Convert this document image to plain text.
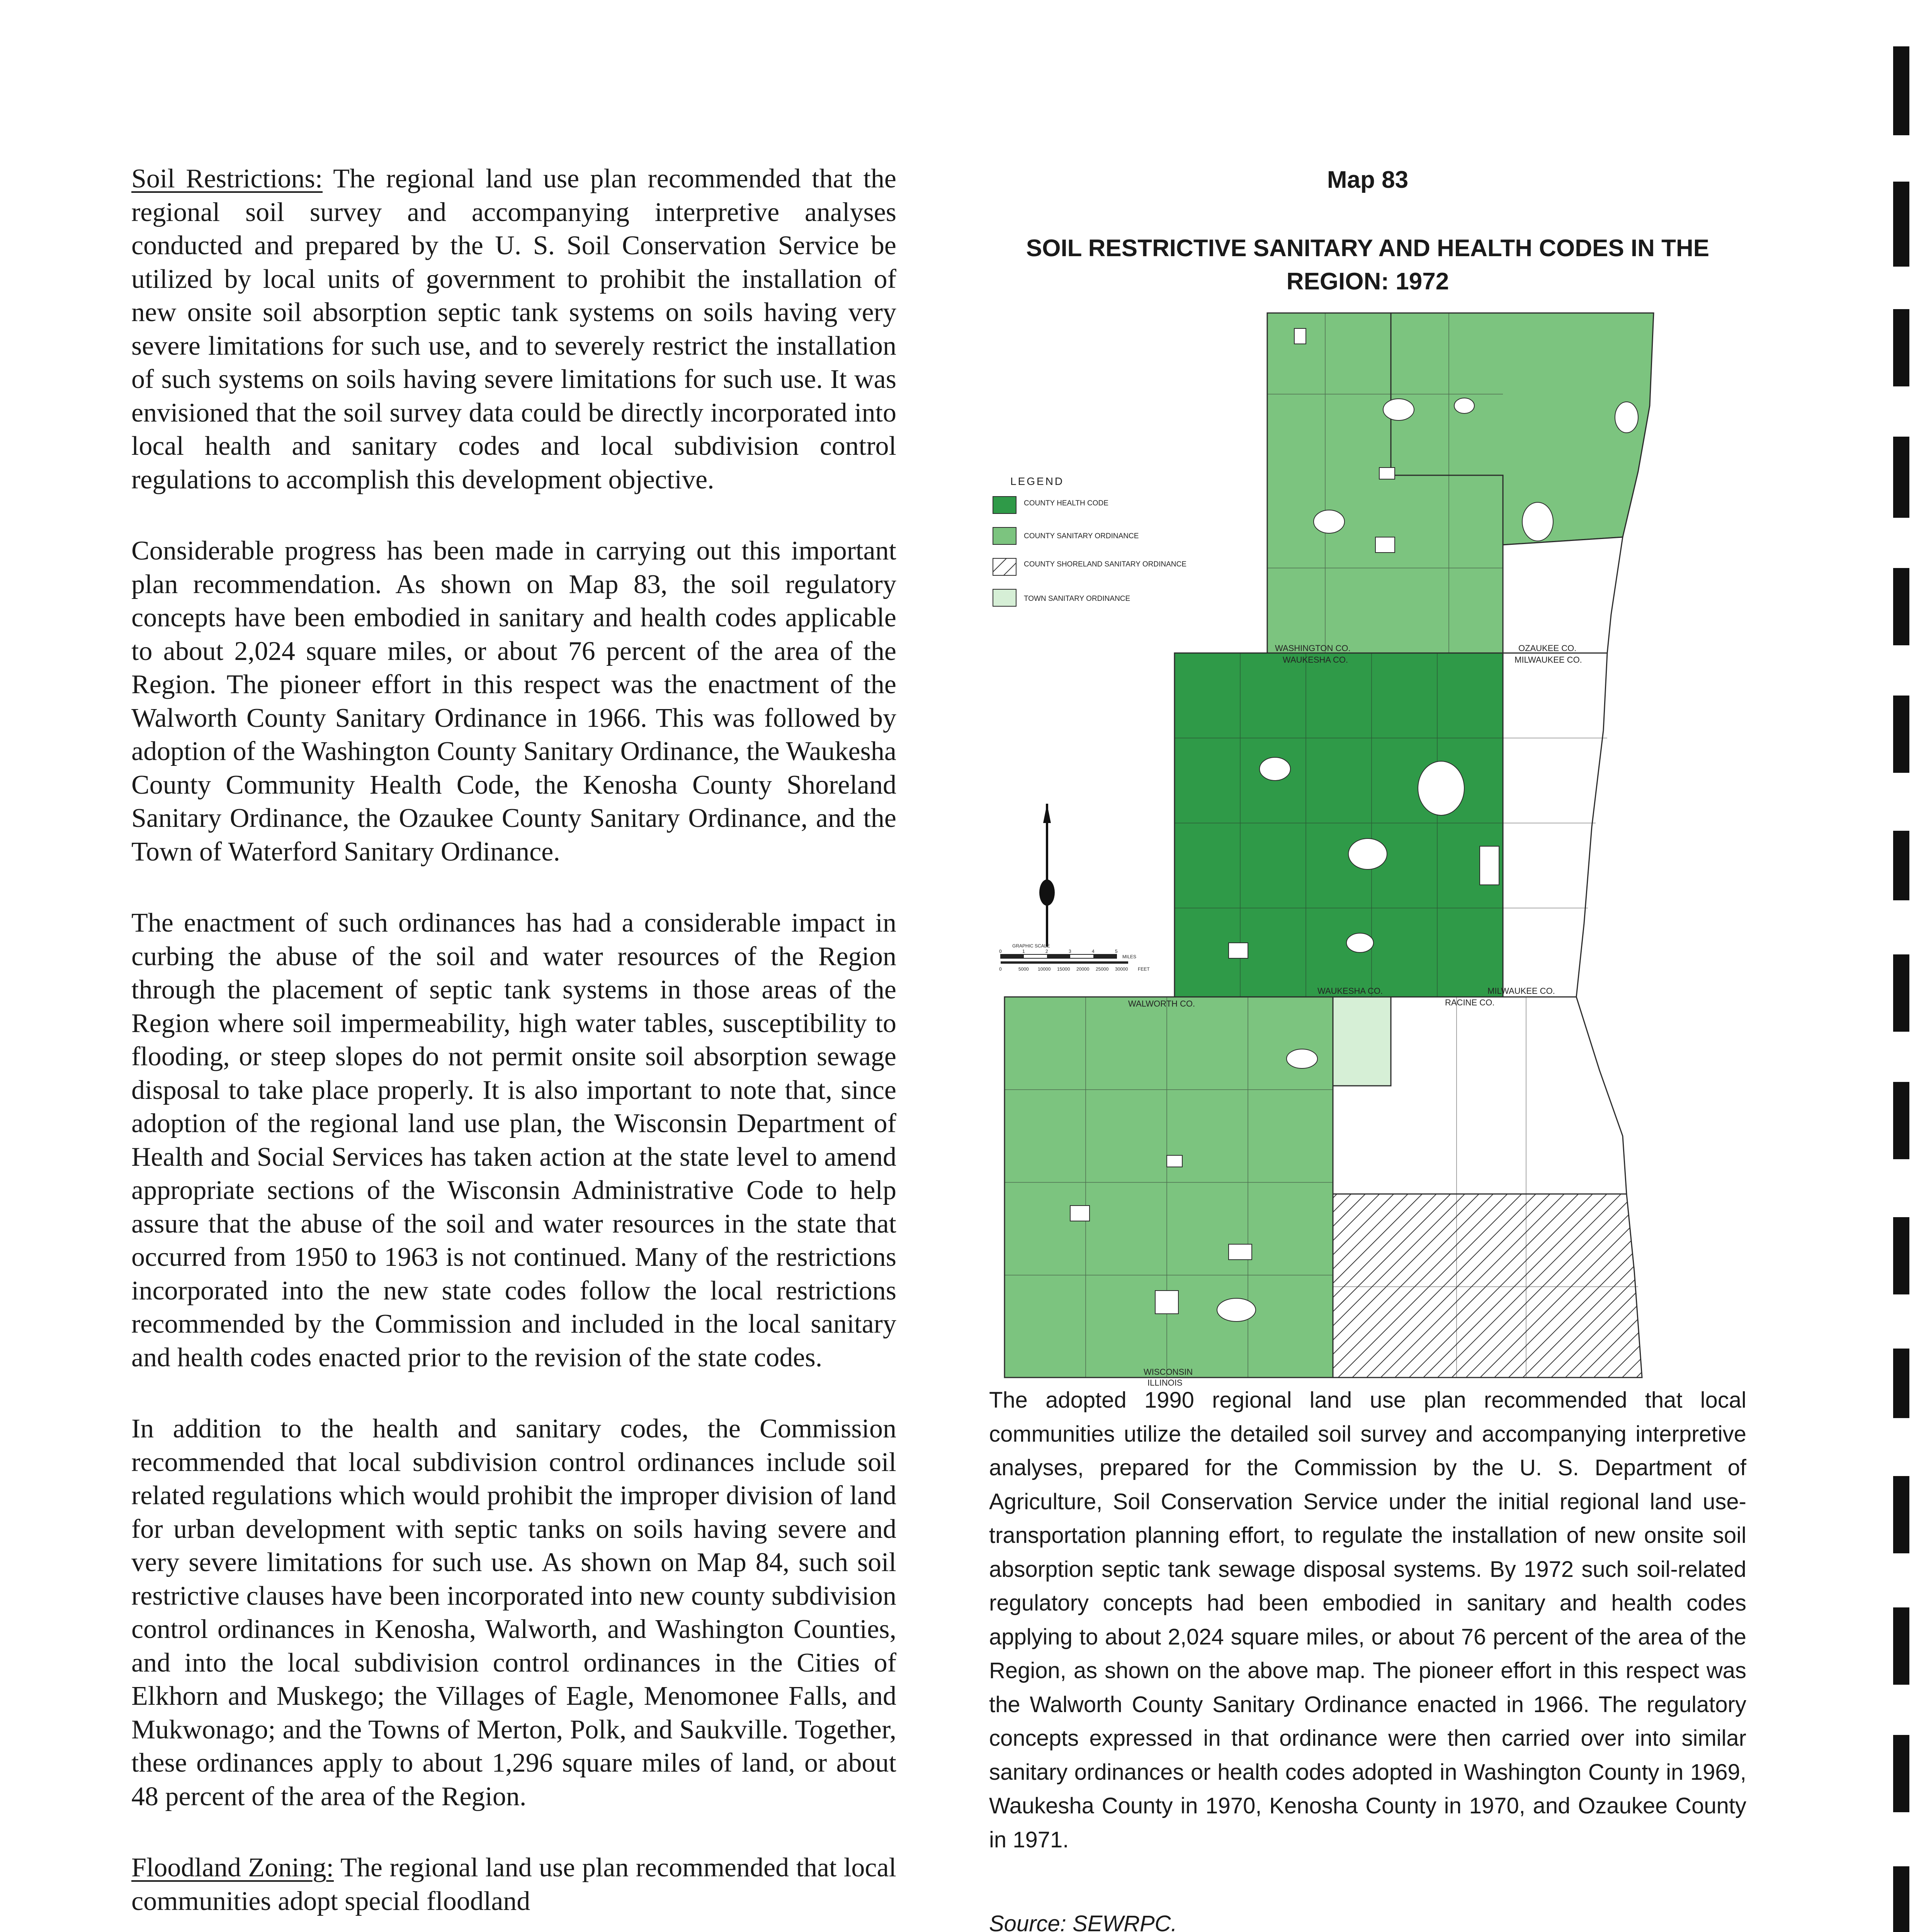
Soil Restrictions: The regional land use plan recommended that the regional soil survey and accompanying interpretive analyses conducted and prepared by the U. S. Soil Conservation Service be utilized by local units of government to prohibit the installation of new onsite soil absorption septic tank systems on soils having very severe limitations for such use, and to severely restrict the installation of such systems on soils having severe limitations for such use. It was envisioned that the soil survey data could be directly incorporated into local health and sanitary codes and local subdivision control regulations to accomplish this development objective.

Considerable progress has been made in carrying out this important plan recommendation. As shown on Map 83, the soil regulatory concepts have been embodied in sanitary and health codes applicable to about 2,024 square miles, or about 76 percent of the area of the Region. The pioneer effort in this respect was the enactment of the Walworth County Sanitary Ordinance in 1966. This was followed by adoption of the Washington County Sanitary Ordinance, the Waukesha County Community Health Code, the Kenosha County Shoreland Sanitary Ordinance, the Ozaukee County Sanitary Ordinance, and the Town of Waterford Sanitary Ordinance.

The enactment of such ordinances has had a considerable impact in curbing the abuse of the soil and water resources of the Region through the placement of septic tank systems in those areas of the Region where soil impermeability, high water tables, susceptibility to flooding, or steep slopes do not permit onsite soil absorption sewage disposal to take place properly. It is also important to note that, since adoption of the regional land use plan, the Wisconsin Department of Health and Social Services has taken action at the state level to amend appropriate sections of the Wisconsin Administrative Code to help assure that the abuse of the soil and water resources in the state that occurred from 1950 to 1963 is not continued. Many of the restrictions incorporated into the new state codes follow the local restrictions recommended by the Commission and included in the local sanitary and health codes enacted prior to the revision of the state codes.

In addition to the health and sanitary codes, the Commission recommended that local subdivision control ordinances include soil related regulations which would prohibit the improper division of land for urban development with septic tanks on soils having severe and very severe limitations for such use. As shown on Map 84, such soil restrictive clauses have been incorporated into new county subdivision control ordinances in Kenosha, Walworth, and Washington Counties, and into the local subdivision control ordinances in the Cities of Elkhorn and Muskego; the Villages of Eagle, Menomonee Falls, and Mukwonago; and the Towns of Merton, Polk, and Saukville. Together, these ordinances apply to about 1,296 square miles of land, or about 48 percent of the area of the Region.

Floodland Zoning: The regional land use plan recommended that local communities adopt special floodland

Map 83
SOIL RESTRICTIVE SANITARY AND HEALTH CODES IN THE REGION: 1972
WASHINGTON CO.
WAUKESHA CO.
OZAUKEE CO.
MILWAUKEE CO.
WALWORTH CO.
WAUKESHA CO.
RACINE CO.
MILWAUKEE CO.
WISCONSIN
ILLINOIS
LEGEND
COUNTY HEALTH CODE
COUNTY SANITARY ORDINANCE
COUNTY SHORELAND SANITARY ORDINANCE
TOWN SANITARY ORDINANCE
GRAPHIC SCALE
MILES
0	1	2	3	4	5
0	5000 10000 15000 20000 25000 30000 FEET
The adopted 1990 regional land use plan recommended that local communities utilize the detailed soil survey and accompanying interpretive analyses, prepared for the Commission by the U. S. Department of Agriculture, Soil Conservation Service under the initial regional land use-transportation planning effort, to regulate the installation of new onsite soil absorption septic tank sewage disposal systems. By 1972 such soil-related regulatory concepts had been embodied in sanitary and health codes applying to about 2,024 square miles, or about 76 percent of the area of the Region, as shown on the above map. The pioneer effort in this respect was the Walworth County Sanitary Ordinance enacted in 1966. The regulatory concepts expressed in that ordinance were then carried over into similar sanitary ordinances or health codes adopted in Washington County in 1969, Waukesha County in 1970, Kenosha County in 1970, and Ozaukee County in 1971.
Source: SEWRPC.
